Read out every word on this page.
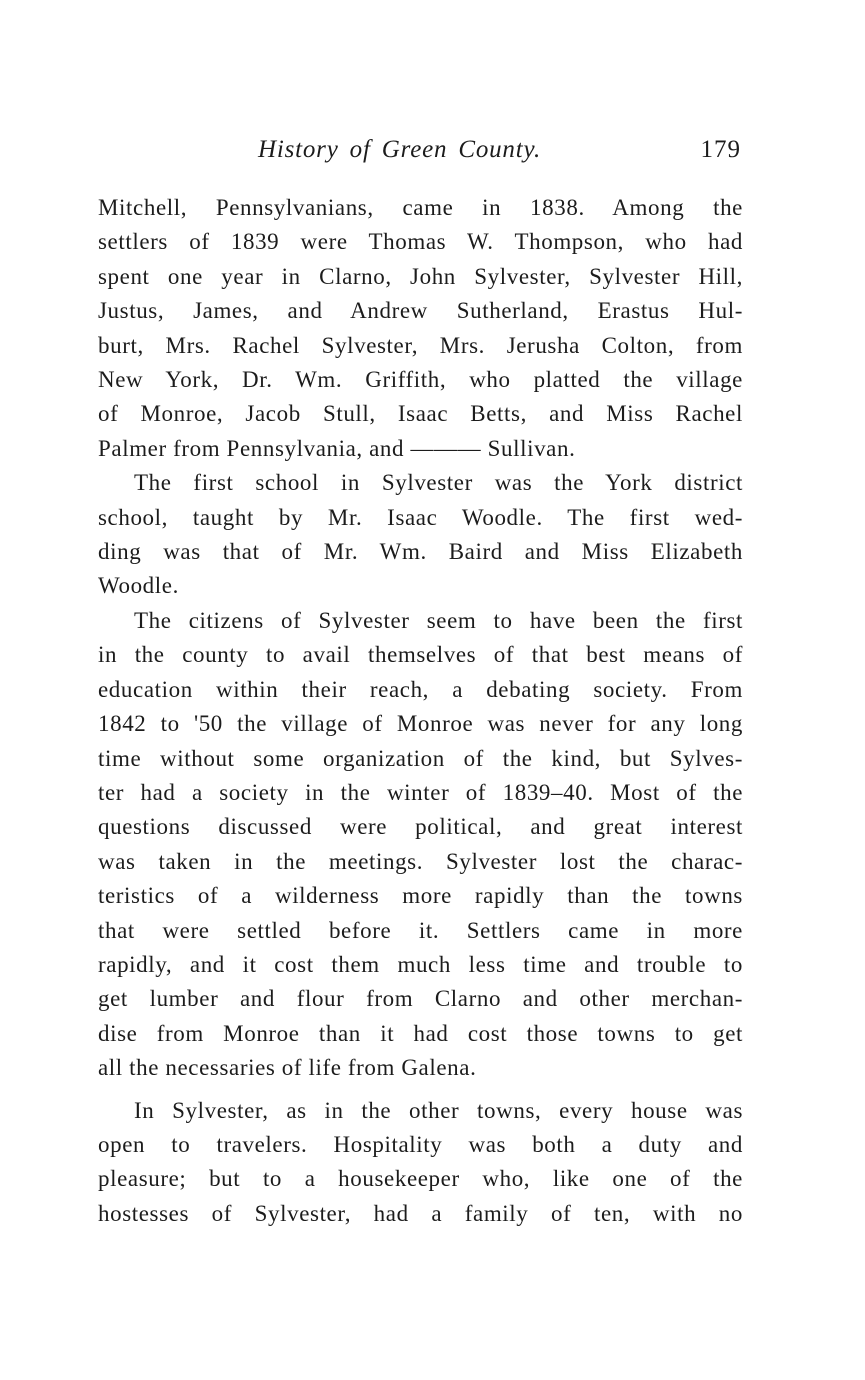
History of Green County.	179

Mitchell, Pennsylvanians, came in 1838. Among the
settlers of 1839 were Thomas W. Thompson, who had
spent one year in Clarno, John Sylvester, Sylvester Hill,
Justus, James, and Andrew Sutherland, Erastus Hul-
burt, Mrs. Rachel Sylvester, Mrs. Jerusha Colton, from
New York, Dr. Wm. Griffith, who platted the village
of Monroe, Jacob Stull, Isaac Betts, and Miss Rachel
Palmer from Pennsylvania, and ——— Sullivan.

The first school in Sylvester was the York district
school, taught by Mr. Isaac Woodle. The first wed-
ding was that of Mr. Wm. Baird and Miss Elizabeth
Woodle.

The citizens of Sylvester seem to have been the first
in the county to avail themselves of that best means of
education within their reach, a debating society. From
1842 to '50 the village of Monroe was never for any long
time without some organization of the kind, but Sylves-
ter had a society in the winter of 1839–40. Most of the
questions discussed were political, and great interest
was taken in the meetings. Sylvester lost the charac-
teristics of a wilderness more rapidly than the towns
that were settled before it. Settlers came in more
rapidly, and it cost them much less time and trouble to
get lumber and flour from Clarno and other merchan-
dise from Monroe than it had cost those towns to get
all the necessaries of life from Galena.

In Sylvester, as in the other towns, every house was
open to travelers. Hospitality was both a duty and
pleasure; but to a housekeeper who, like one of the
hostesses of Sylvester, had a family of ten, with no
